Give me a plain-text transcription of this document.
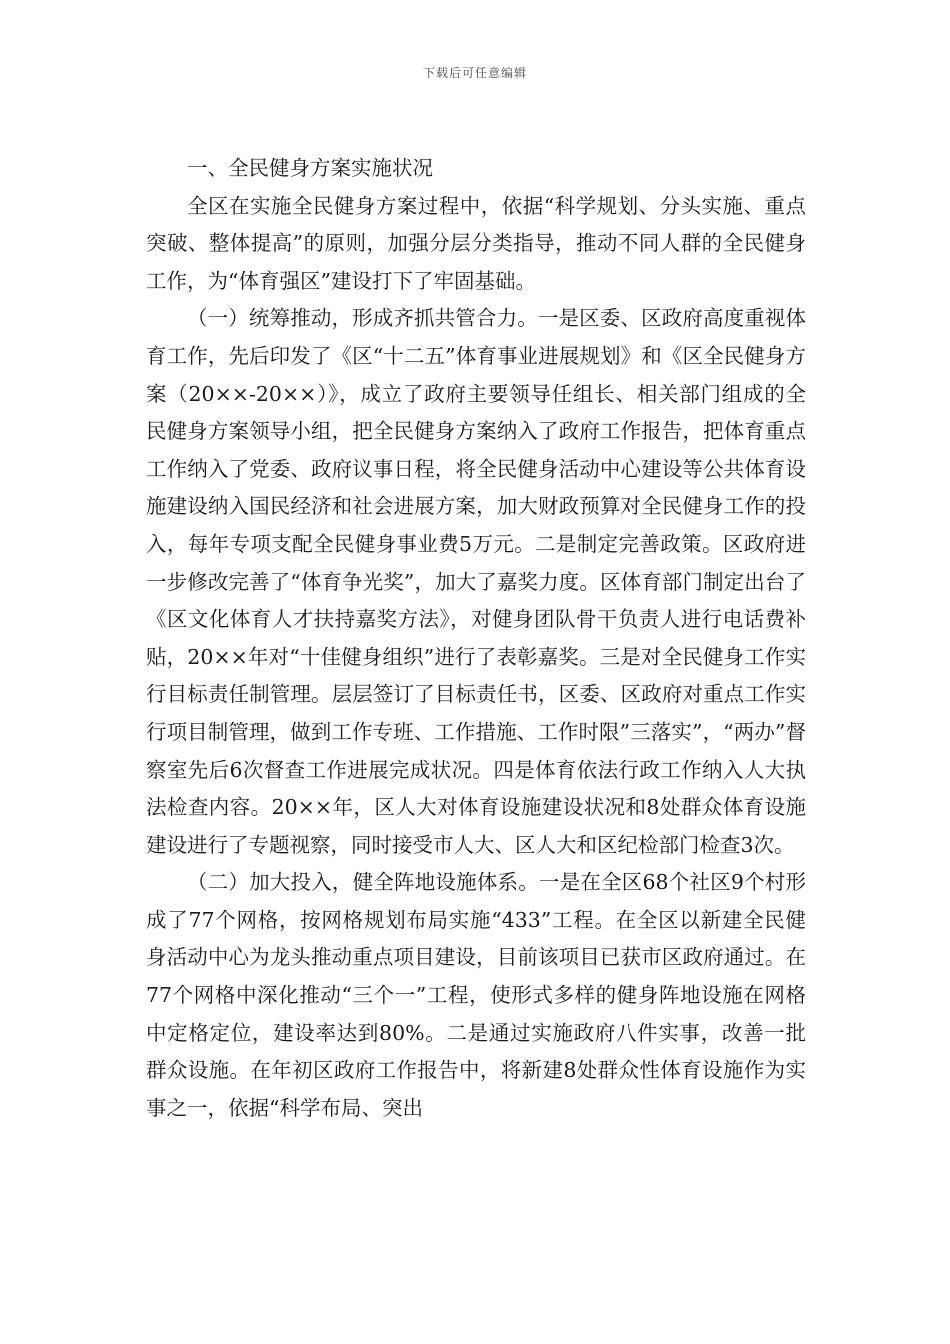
下载后可任意编辑

一、全民健身方案实施状况

全区在实施全民健身方案过程中，依据“科学规划、分头实施、重点突破、整体提高”的原则，加强分层分类指导，推动不同人群的全民健身工作，为“体育强区”建设打下了牢固基础。

（一）统筹推动，形成齐抓共管合力。一是区委、区政府高度重视体育工作，先后印发了《区“十二五”体育事业进展规划》和《区全民健身方案（20××-20××）》，成立了政府主要领导任组长、相关部门组成的全民健身方案领导小组，把全民健身方案纳入了政府工作报告，把体育重点工作纳入了党委、政府议事日程，将全民健身活动中心建设等公共体育设施建设纳入国民经济和社会进展方案，加大财政预算对全民健身工作的投入，每年专项支配全民健身事业费5万元。二是制定完善政策。区政府进一步修改完善了“体育争光奖”，加大了嘉奖力度。区体育部门制定出台了《区文化体育人才扶持嘉奖方法》，对健身团队骨干负责人进行电话费补贴，20××年对“十佳健身组织”进行了表彰嘉奖。三是对全民健身工作实行目标责任制管理。层层签订了目标责任书，区委、区政府对重点工作实行项目制管理，做到工作专班、工作措施、工作时限”三落实”，“两办”督察室先后6次督查工作进展完成状况。四是体育依法行政工作纳入人大执法检查内容。20××年，区人大对体育设施建设状况和8处群众体育设施建设进行了专题视察，同时接受市人大、区人大和区纪检部门检查3次。

（二）加大投入，健全阵地设施体系。一是在全区68个社区9个村形成了77个网格，按网格规划布局实施“433”工程。在全区以新建全民健身活动中心为龙头推动重点项目建设，目前该项目已获市区政府通过。在77个网格中深化推动“三个一”工程，使形式多样的健身阵地设施在网格中定格定位，建设率达到80%。二是通过实施政府八件实事，改善一批群众设施。在年初区政府工作报告中，将新建8处群众性体育设施作为实事之一，依据“科学布局、突出
